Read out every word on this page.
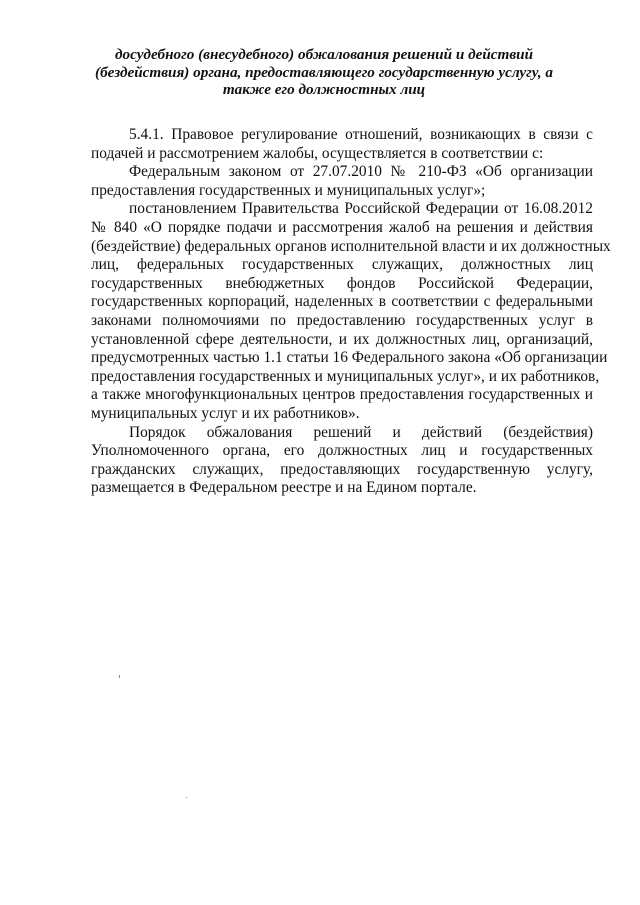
досудебного (внесудебного) обжалования решений и действий
(бездействия) органа, предоставляющего государственную услугу, а
также его должностных лиц
5.4.1. Правовое регулирование отношений, возникающих в связи с
подачей и рассмотрением жалобы, осуществляется в соответствии с:
Федеральным законом от 27.07.2010 № 210-ФЗ «Об организации
предоставления государственных и муниципальных услуг»;
постановлением Правительства Российской Федерации от 16.08.2012
№ 840 «О порядке подачи и рассмотрения жалоб на решения и действия
(бездействие) федеральных органов исполнительной власти и их должностных
лиц, федеральных государственных служащих, должностных лиц
государственных внебюджетных фондов Российской Федерации,
государственных корпораций, наделенных в соответствии с федеральными
законами полномочиями по предоставлению государственных услуг в
установленной сфере деятельности, и их должностных лиц, организаций,
предусмотренных частью 1.1 статьи 16 Федерального закона «Об организации
предоставления государственных и муниципальных услуг», и их работников,
а также многофункциональных центров предоставления государственных и
муниципальных услуг и их работников».
Порядок обжалования решений и действий (бездействия)
Уполномоченного органа, его должностных лиц и государственных
гражданских служащих, предоставляющих государственную услугу,
размещается в Федеральном реестре и на Едином портале.
